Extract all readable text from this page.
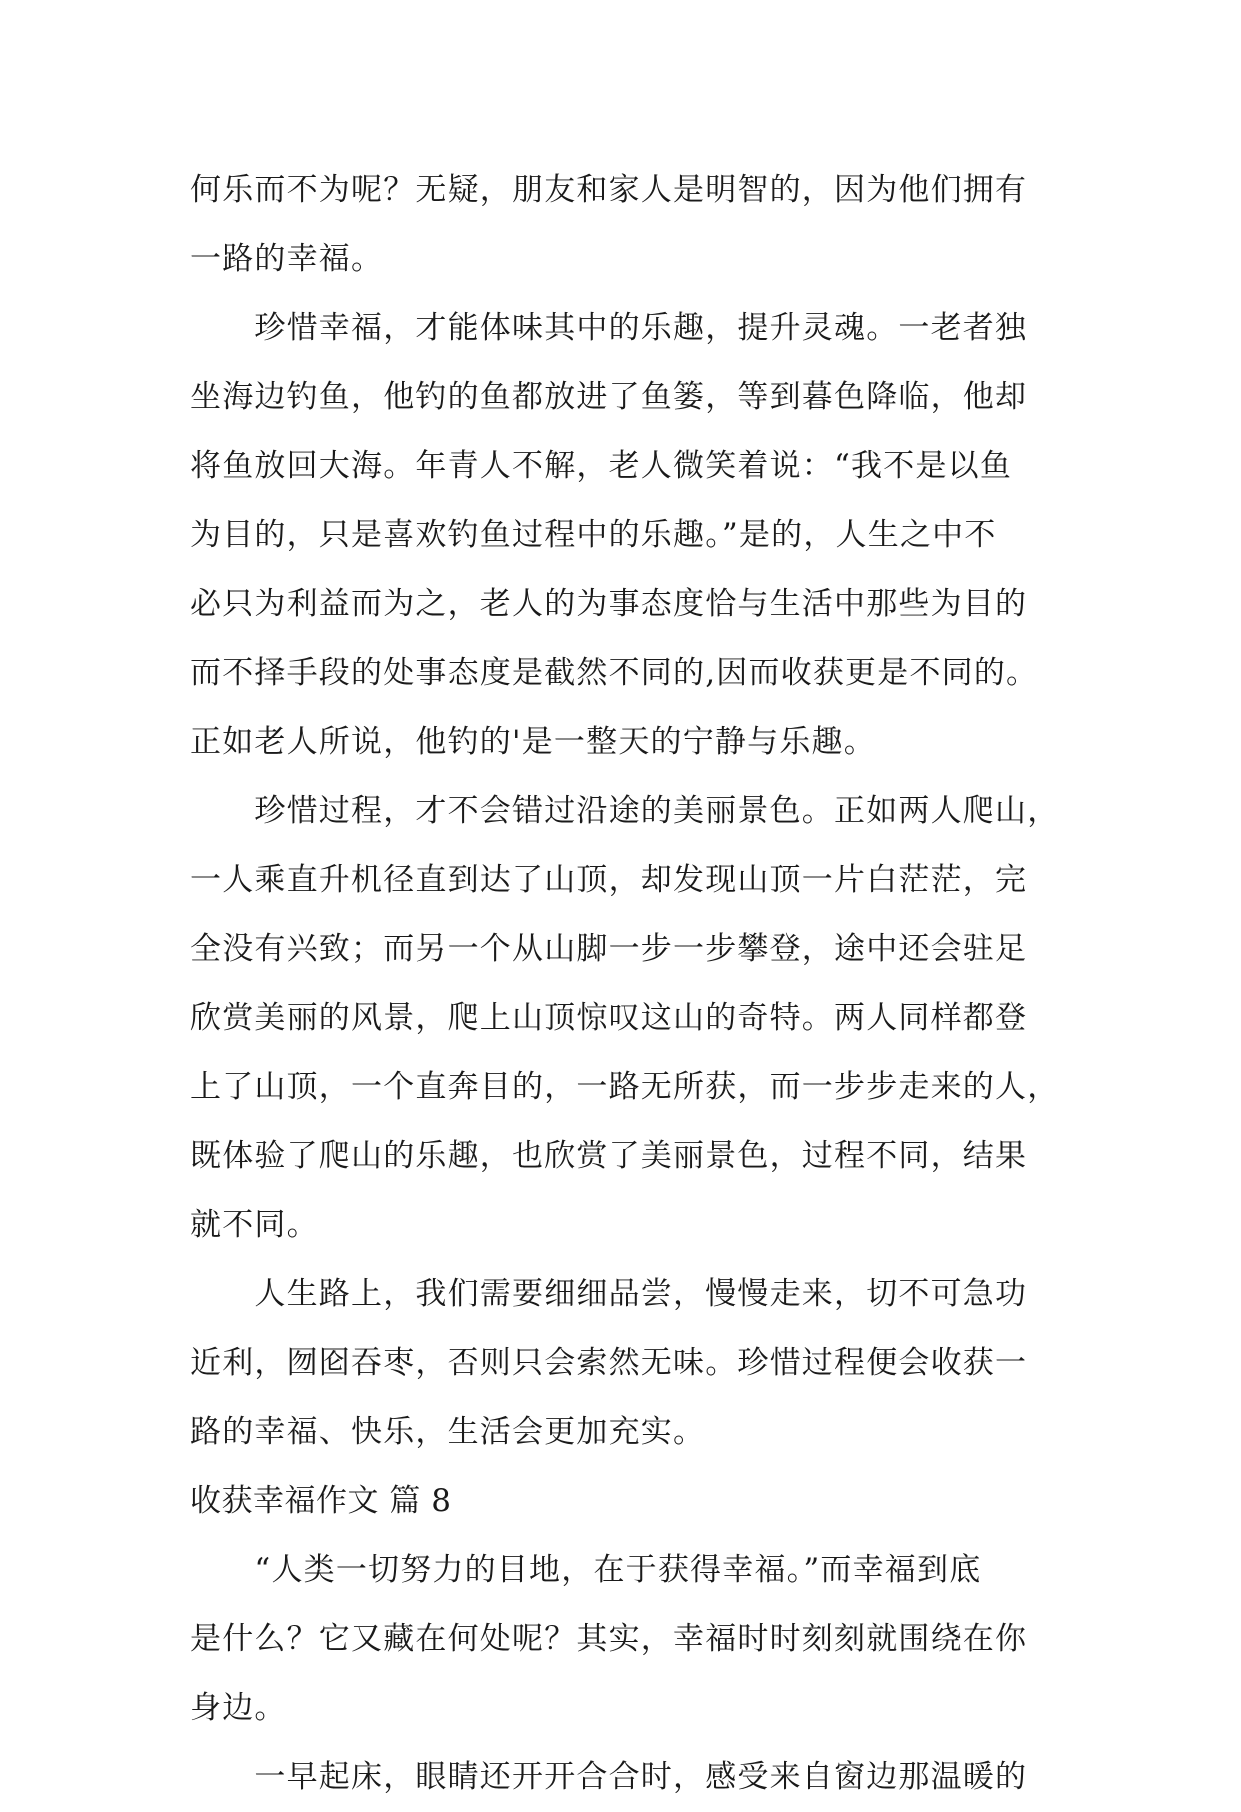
何乐而不为呢？无疑，朋友和家人是明智的，因为他们拥有
一路的幸福。
　　珍惜幸福，才能体味其中的乐趣，提升灵魂。一老者独
坐海边钓鱼，他钓的鱼都放进了鱼篓，等到暮色降临，他却
将鱼放回大海。年青人不解，老人微笑着说：“我不是以鱼
为目的，只是喜欢钓鱼过程中的乐趣。”是的，人生之中不
必只为利益而为之，老人的为事态度恰与生活中那些为目的
而不择手段的处事态度是截然不同的,因而收获更是不同的。
正如老人所说，他钓的'是一整天的宁静与乐趣。
　　珍惜过程，才不会错过沿途的美丽景色。正如两人爬山，
一人乘直升机径直到达了山顶，却发现山顶一片白茫茫，完
全没有兴致；而另一个从山脚一步一步攀登，途中还会驻足
欣赏美丽的风景，爬上山顶惊叹这山的奇特。两人同样都登
上了山顶，一个直奔目的，一路无所获，而一步步走来的人，
既体验了爬山的乐趣，也欣赏了美丽景色，过程不同，结果
就不同。
　　人生路上，我们需要细细品尝，慢慢走来，切不可急功
近利，囫囵吞枣，否则只会索然无味。珍惜过程便会收获一
路的幸福、快乐，生活会更加充实。
收获幸福作文 篇 8
　　“人类一切努力的目地，在于获得幸福。”而幸福到底
是什么？它又藏在何处呢？其实，幸福时时刻刻就围绕在你
身边。
　　一早起床，眼睛还开开合合时，感受来自窗边那温暖的
